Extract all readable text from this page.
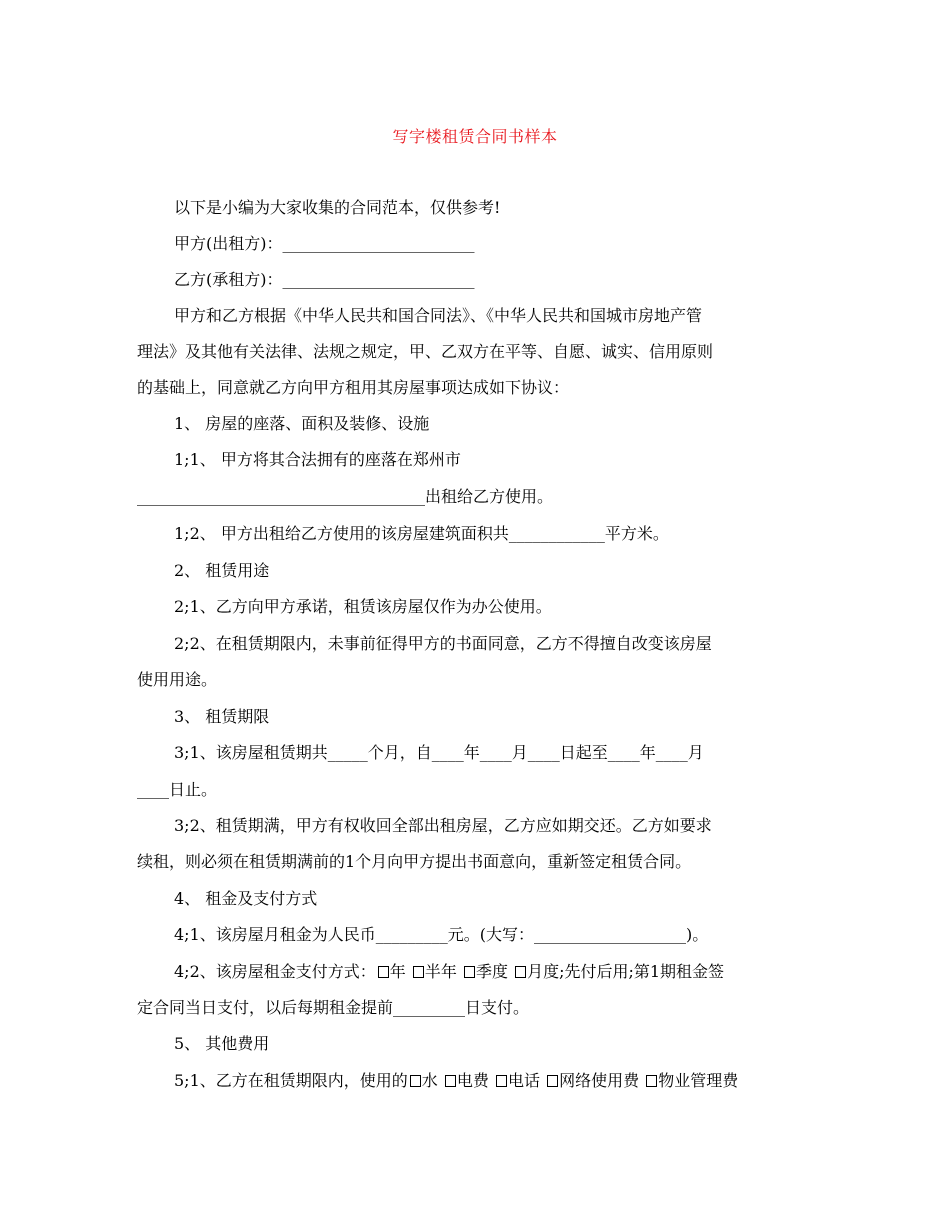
写字楼租赁合同书样本
以下是小编为大家收集的合同范本，仅供参考!
甲方(出租方)：________________________
乙方(承租方)：________________________
甲方和乙方根据《中华人民共和国合同法》、《中华人民共和国城市房地产管
理法》及其他有关法律、法规之规定，甲、乙双方在平等、自愿、诚实、信用原则
的基础上，同意就乙方向甲方租用其房屋事项达成如下协议：
1、 房屋的座落、面积及装修、设施
1;1、 甲方将其合法拥有的座落在郑州市
____________________________________出租给乙方使用。
1;2、 甲方出租给乙方使用的该房屋建筑面积共____________平方米。
2、 租赁用途
2;1、乙方向甲方承诺，租赁该房屋仅作为办公使用。
2;2、在租赁期限内，未事前征得甲方的书面同意，乙方不得擅自改变该房屋
使用用途。
3、 租赁期限
3;1、该房屋租赁期共_____个月，自____年____月____日起至____年____月
____日止。
3;2、租赁期满，甲方有权收回全部出租房屋，乙方应如期交还。乙方如要求
续租，则必须在租赁期满前的1个月向甲方提出书面意向，重新签定租赁合同。
4、 租金及支付方式
4;1、该房屋月租金为人民币_________元。(大写：___________________)。
4;2、该房屋租金支付方式： 年 半年 季度 月度;先付后用;第1期租金签
定合同当日支付，以后每期租金提前_________日支付。
5、 其他费用
5;1、乙方在租赁期限内，使用的 水 电费 电话 网络使用费 物业管理费
